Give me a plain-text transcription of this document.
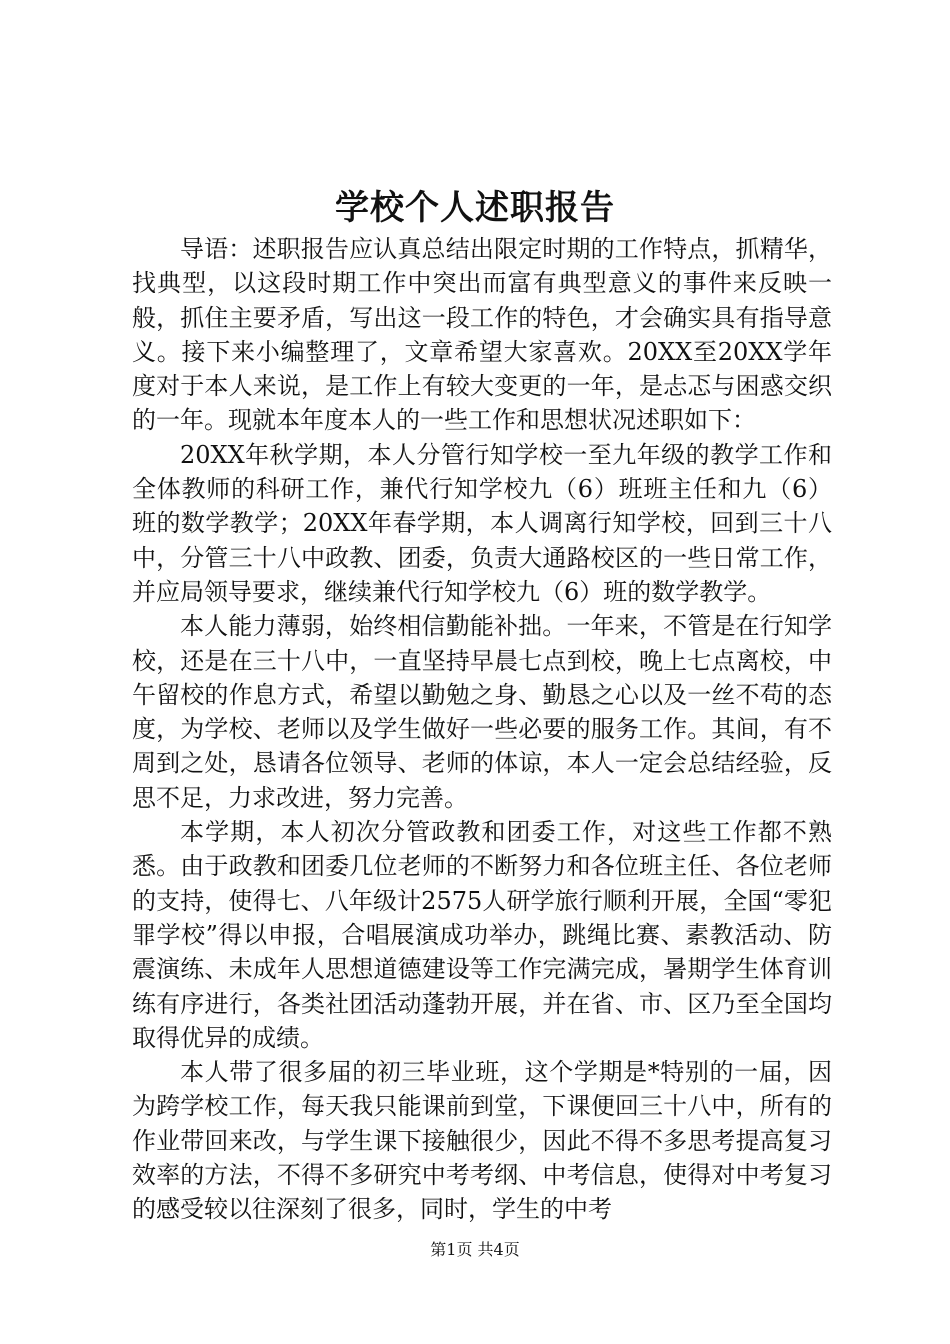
学校个人述职报告

导语：述职报告应认真总结出限定时期的工作特点，抓精华，找典型，以这段时期工作中突出而富有典型意义的事件来反映一般，抓住主要矛盾，写出这一段工作的特色，才会确实具有指导意义。接下来小编整理了，文章希望大家喜欢。20XX至20XX学年度对于本人来说，是工作上有较大变更的一年，是忐忑与困惑交织的一年。现就本年度本人的一些工作和思想状况述职如下：

20XX年秋学期，本人分管行知学校一至九年级的教学工作和全体教师的科研工作，兼代行知学校九（6）班班主任和九（6）班的数学教学；20XX年春学期，本人调离行知学校，回到三十八中，分管三十八中政教、团委，负责大通路校区的一些日常工作，并应局领导要求，继续兼代行知学校九（6）班的数学教学。

本人能力薄弱，始终相信勤能补拙。一年来，不管是在行知学校，还是在三十八中，一直坚持早晨七点到校，晚上七点离校，中午留校的作息方式，希望以勤勉之身、勤恳之心以及一丝不苟的态度，为学校、老师以及学生做好一些必要的服务工作。其间，有不周到之处，恳请各位领导、老师的体谅，本人一定会总结经验，反思不足，力求改进，努力完善。

本学期，本人初次分管政教和团委工作，对这些工作都不熟悉。由于政教和团委几位老师的不断努力和各位班主任、各位老师的支持，使得七、八年级计2575人研学旅行顺利开展，全国“零犯罪学校”得以申报，合唱展演成功举办，跳绳比赛、素教活动、防震演练、未成年人思想道德建设等工作完满完成，暑期学生体育训练有序进行，各类社团活动蓬勃开展，并在省、市、区乃至全国均取得优异的成绩。

本人带了很多届的初三毕业班，这个学期是*特别的一届，因为跨学校工作，每天我只能课前到堂，下课便回三十八中，所有的作业带回来改，与学生课下接触很少，因此不得不多思考提高复习效率的方法，不得不多研究中考考纲、中考信息，使得对中考复习的感受较以往深刻了很多，同时，学生的中考

第1页 共4页
